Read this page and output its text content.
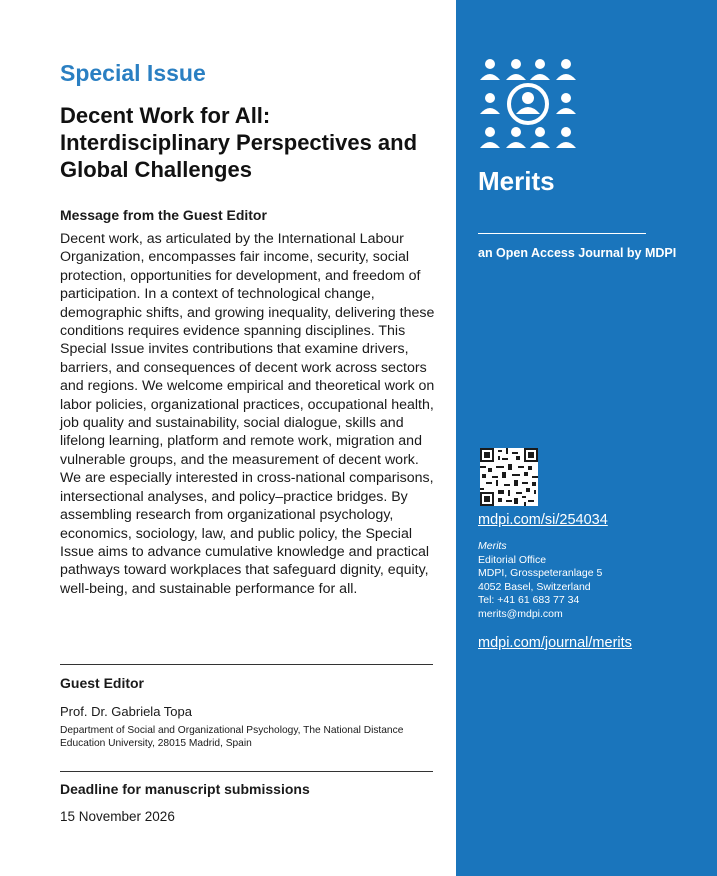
Special Issue
Decent Work for All: Interdisciplinary Perspectives and Global Challenges
Message from the Guest Editor
Decent work, as articulated by the International Labour Organization, encompasses fair income, security, social protection, opportunities for development, and freedom of participation. In a context of technological change, demographic shifts, and growing inequality, delivering these conditions requires evidence spanning disciplines. This Special Issue invites contributions that examine drivers, barriers, and consequences of decent work across sectors and regions. We welcome empirical and theoretical work on labor policies, organizational practices, occupational health, job quality and sustainability, social dialogue, skills and lifelong learning, platform and remote work, migration and vulnerable groups, and the measurement of decent work. We are especially interested in cross-national comparisons, intersectional analyses, and policy–practice bridges. By assembling research from organizational psychology, economics, sociology, law, and public policy, the Special Issue aims to advance cumulative knowledge and practical pathways toward workplaces that safeguard dignity, equity, well-being, and sustainable performance for all.
Guest Editor
Prof. Dr. Gabriela Topa
Department of Social and Organizational Psychology, The National Distance Education University, 28015 Madrid, Spain
Deadline for manuscript submissions
15 November 2026
Merits
an Open Access Journal by MDPI
mdpi.com/si/254034
Merits
Editorial Office
MDPI, Grosspeteranlage 5
4052 Basel, Switzerland
Tel: +41 61 683 77 34
merits@mdpi.com
mdpi.com/journal/merits
